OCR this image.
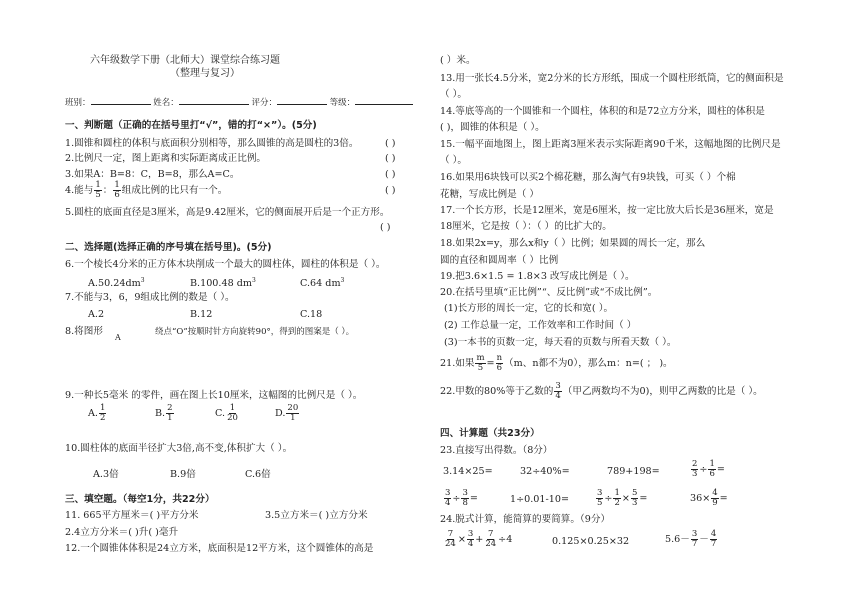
六年级数学下册（北师大）课堂综合练习题
（整理与复习）
班别：	姓名：	评分：	等级：
一、判断题（正确的在括号里打“√”，错的打“×”）。(5分)
1.圆锥和圆柱的体积与底面积分别相等，那么圆锥的高是圆柱的3倍。	( )
2.比例尺一定，图上距离和实际距离成正比例。	( )
3.如果A：B=8：C，B=8，那么A=C。	( )
4.能与 $\frac{1}{5}$ ： $\frac{1}{6}$ 组成比例的比只有一个。	( )
5.圆柱的底面直径是3厘米，高是9.42厘米，它的侧面展开后是一个正方形。
( )
二、选择题(选择正确的序号填在括号里)。(5分)
6.一个棱长4分米的正方体木块削成一个最大的圆柱体，圆柱的体积是（ ）。
$A.50.24dm^3$	B.100.48 $dm^3$	C.64 $dm^3$
7.不能与3，6，9组成比例的数是（ ）。
A.2	B.12	C.18
8.将图形
A
绕点“O”按顺时针方向旋转90°，得到的图案是（ ）。
9.一种长5毫米 的零件，画在图上长10厘米，这幅图的比例尺是（ ）。
A. $\frac{1}{2}$	B. $\frac{2}{1}$	C. $\frac{1}{20}$	D. $\frac{20}{1}$
10.圆柱体的底面半径扩大3倍,高不变,体积扩大（ ）。
A.3倍	B.9倍	C.6倍
三、填空题。（每空1分，共22分）
11. 665平方厘米＝( )平方分米	3.5立方米＝( )立方分米
2.4立方分米＝( )升( )毫升
12.一个圆锥体体积是24立方米，底面积是12平方米，这个圆锥体的高是
( ）米。
13.用一张长4.5分米，宽2分米的长方形纸，围成一个圆柱形纸筒，它的侧面积是
（ ）。
14.等底等高的一个圆锥和一个圆柱，体积的和是72立方分米，圆柱的体积是
( )，圆锥的体积是（ ）。
15.一幅平面地图上，图上距离3厘米表示实际距离90千米，这幅地图的比例尺是
（ ）。
16.如果用6块钱可以买2个棉花糖，那么淘气有9块钱，可买（ ）个棉
花糖，写成比例是（ ）
17.一个长方形，长是12厘米，宽是6厘米，按一定比放大后长是36厘米，宽是
18厘米，它是按（ ）：（ ）的比扩大的。
18.如果2x=y，那么x和y（ ）比例；如果圆的周长一定，那么
圆的直径和圆周率（ ）比例
19.把3.6×1.5 = 1.8×3 改写成比例是（ ）。
20.在括号里填“正比例”“、反比例”或“不成比例”。
(1)长方形的周长一定，它的长和宽( ）。
(2) 工作总量一定，工作效率和工作时间（ ）
(3)一本书的页数一定，每天看的页数与所看天数（ ）。
21.如果 $\frac{m}{5} = \frac{n}{6} (m$、n都不为0），那么m：n=( ； )。
22.甲数的80%等于乙数的 $\frac{3}{4}$ （甲乙两数均不为0)，则甲乙两数的比是（ ）。
四、计算题（共23分）
23.直接写出得数。（8分）
3.14×25=	32÷40%=	789+198=	$\frac{2}{3} \div \frac{1}{6}$ =
$\frac{3}{4} \div \frac{3}{8}$ =	1÷0.01-10=	$\frac{3}{5} \div \frac{1}{2} \times \frac{5}{3}$ =	$36\times \frac{4}{9}$ =
24.脱式计算，能简算的要简算。（9分）
$\frac{7}{24} \times \frac{3}{4} + \frac{7}{24} \div 4$	0.125×0.25×32	$5.6- \frac{3}{7} - \frac{4}{7}$
